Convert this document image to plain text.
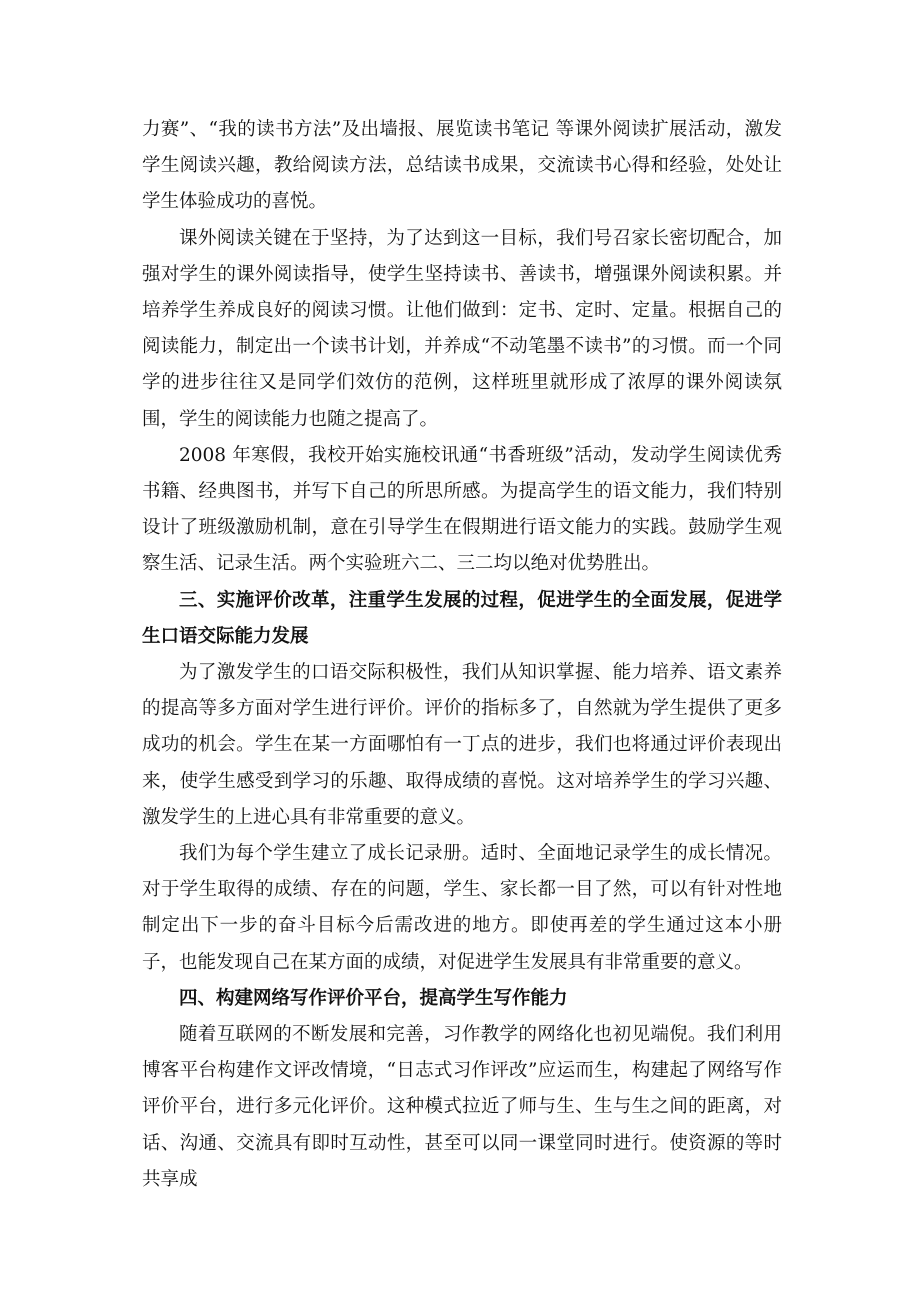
力赛”、“我的读书方法”及出墙报、展览读书笔记 等课外阅读扩展活动，激发学生阅读兴趣，教给阅读方法，总结读书成果，交流读书心得和经验，处处让学生体验成功的喜悦。

课外阅读关键在于坚持，为了达到这一目标，我们号召家长密切配合，加强对学生的课外阅读指导，使学生坚持读书、善读书，增强课外阅读积累。并培养学生养成良好的阅读习惯。让他们做到：定书、定时、定量。根据自己的阅读能力，制定出一个读书计划，并养成“不动笔墨不读书”的习惯。而一个同学的进步往往又是同学们效仿的范例，这样班里就形成了浓厚的课外阅读氛围，学生的阅读能力也随之提高了。

2008 年寒假，我校开始实施校讯通“书香班级”活动，发动学生阅读优秀书籍、经典图书，并写下自己的所思所感。为提高学生的语文能力，我们特别设计了班级激励机制，意在引导学生在假期进行语文能力的实践。鼓励学生观察生活、记录生活。两个实验班六二、三二均以绝对优势胜出。

三、实施评价改革，注重学生发展的过程，促进学生的全面发展，促进学生口语交际能力发展

为了激发学生的口语交际积极性，我们从知识掌握、能力培养、语文素养的提高等多方面对学生进行评价。评价的指标多了，自然就为学生提供了更多成功的机会。学生在某一方面哪怕有一丁点的进步，我们也将通过评价表现出来，使学生感受到学习的乐趣、取得成绩的喜悦。这对培养学生的学习兴趣、激发学生的上进心具有非常重要的意义。

我们为每个学生建立了成长记录册。适时、全面地记录学生的成长情况。对于学生取得的成绩、存在的问题，学生、家长都一目了然，可以有针对性地制定出下一步的奋斗目标今后需改进的地方。即使再差的学生通过这本小册子，也能发现自己在某方面的成绩，对促进学生发展具有非常重要的意义。

四、构建网络写作评价平台，提高学生写作能力

随着互联网的不断发展和完善，习作教学的网络化也初见端倪。我们利用博客平台构建作文评改情境，“日志式习作评改”应运而生，构建起了网络写作评价平台，进行多元化评价。这种模式拉近了师与生、生与生之间的距离，对话、沟通、交流具有即时互动性，甚至可以同一课堂同时进行。使资源的等时共享成
